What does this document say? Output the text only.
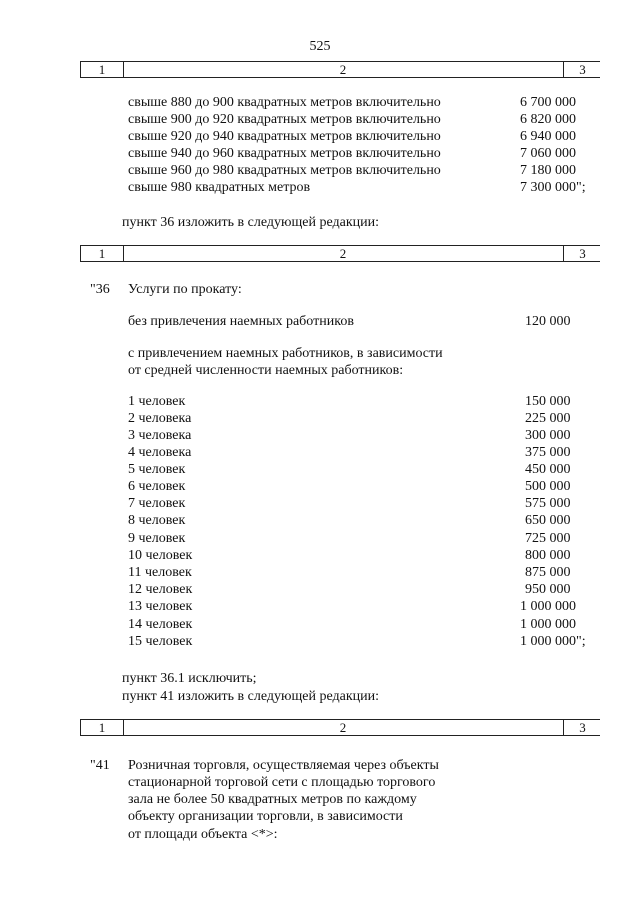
525
1	2	3
свыше 880 до 900 квадратных метров включительно	6 700 000
свыше 900 до 920 квадратных метров включительно	6 820 000
свыше 920 до 940 квадратных метров включительно	6 940 000
свыше 940 до 960 квадратных метров включительно	7 060 000
свыше 960 до 980 квадратных метров включительно	7 180 000
свыше 980 квадратных метров	7 300 000";
пункт 36 изложить в следующей редакции:
1	2	3
"36 Услуги по прокату:
без привлечения наемных работников	120 000
с привлечением наемных работников, в зависимости
от средней численности наемных работников:
1 человек	150 000
2 человека	225 000
3 человека	300 000
4 человека	375 000
5 человек	450 000
6 человек	500 000
7 человек	575 000
8 человек	650 000
9 человек	725 000
10 человек	800 000
11 человек	875 000
12 человек	950 000
13 человек	1 000 000
14 человек	1 000 000
15 человек	1 000 000";
пункт 36.1 исключить;
пункт 41 изложить в следующей редакции:
1	2	3
"41 Розничная торговля, осуществляемая через объекты
стационарной торговой сети с площадью торгового
зала не более 50 квадратных метров по каждому
объекту организации торговли, в зависимости
от площади объекта <*>:
